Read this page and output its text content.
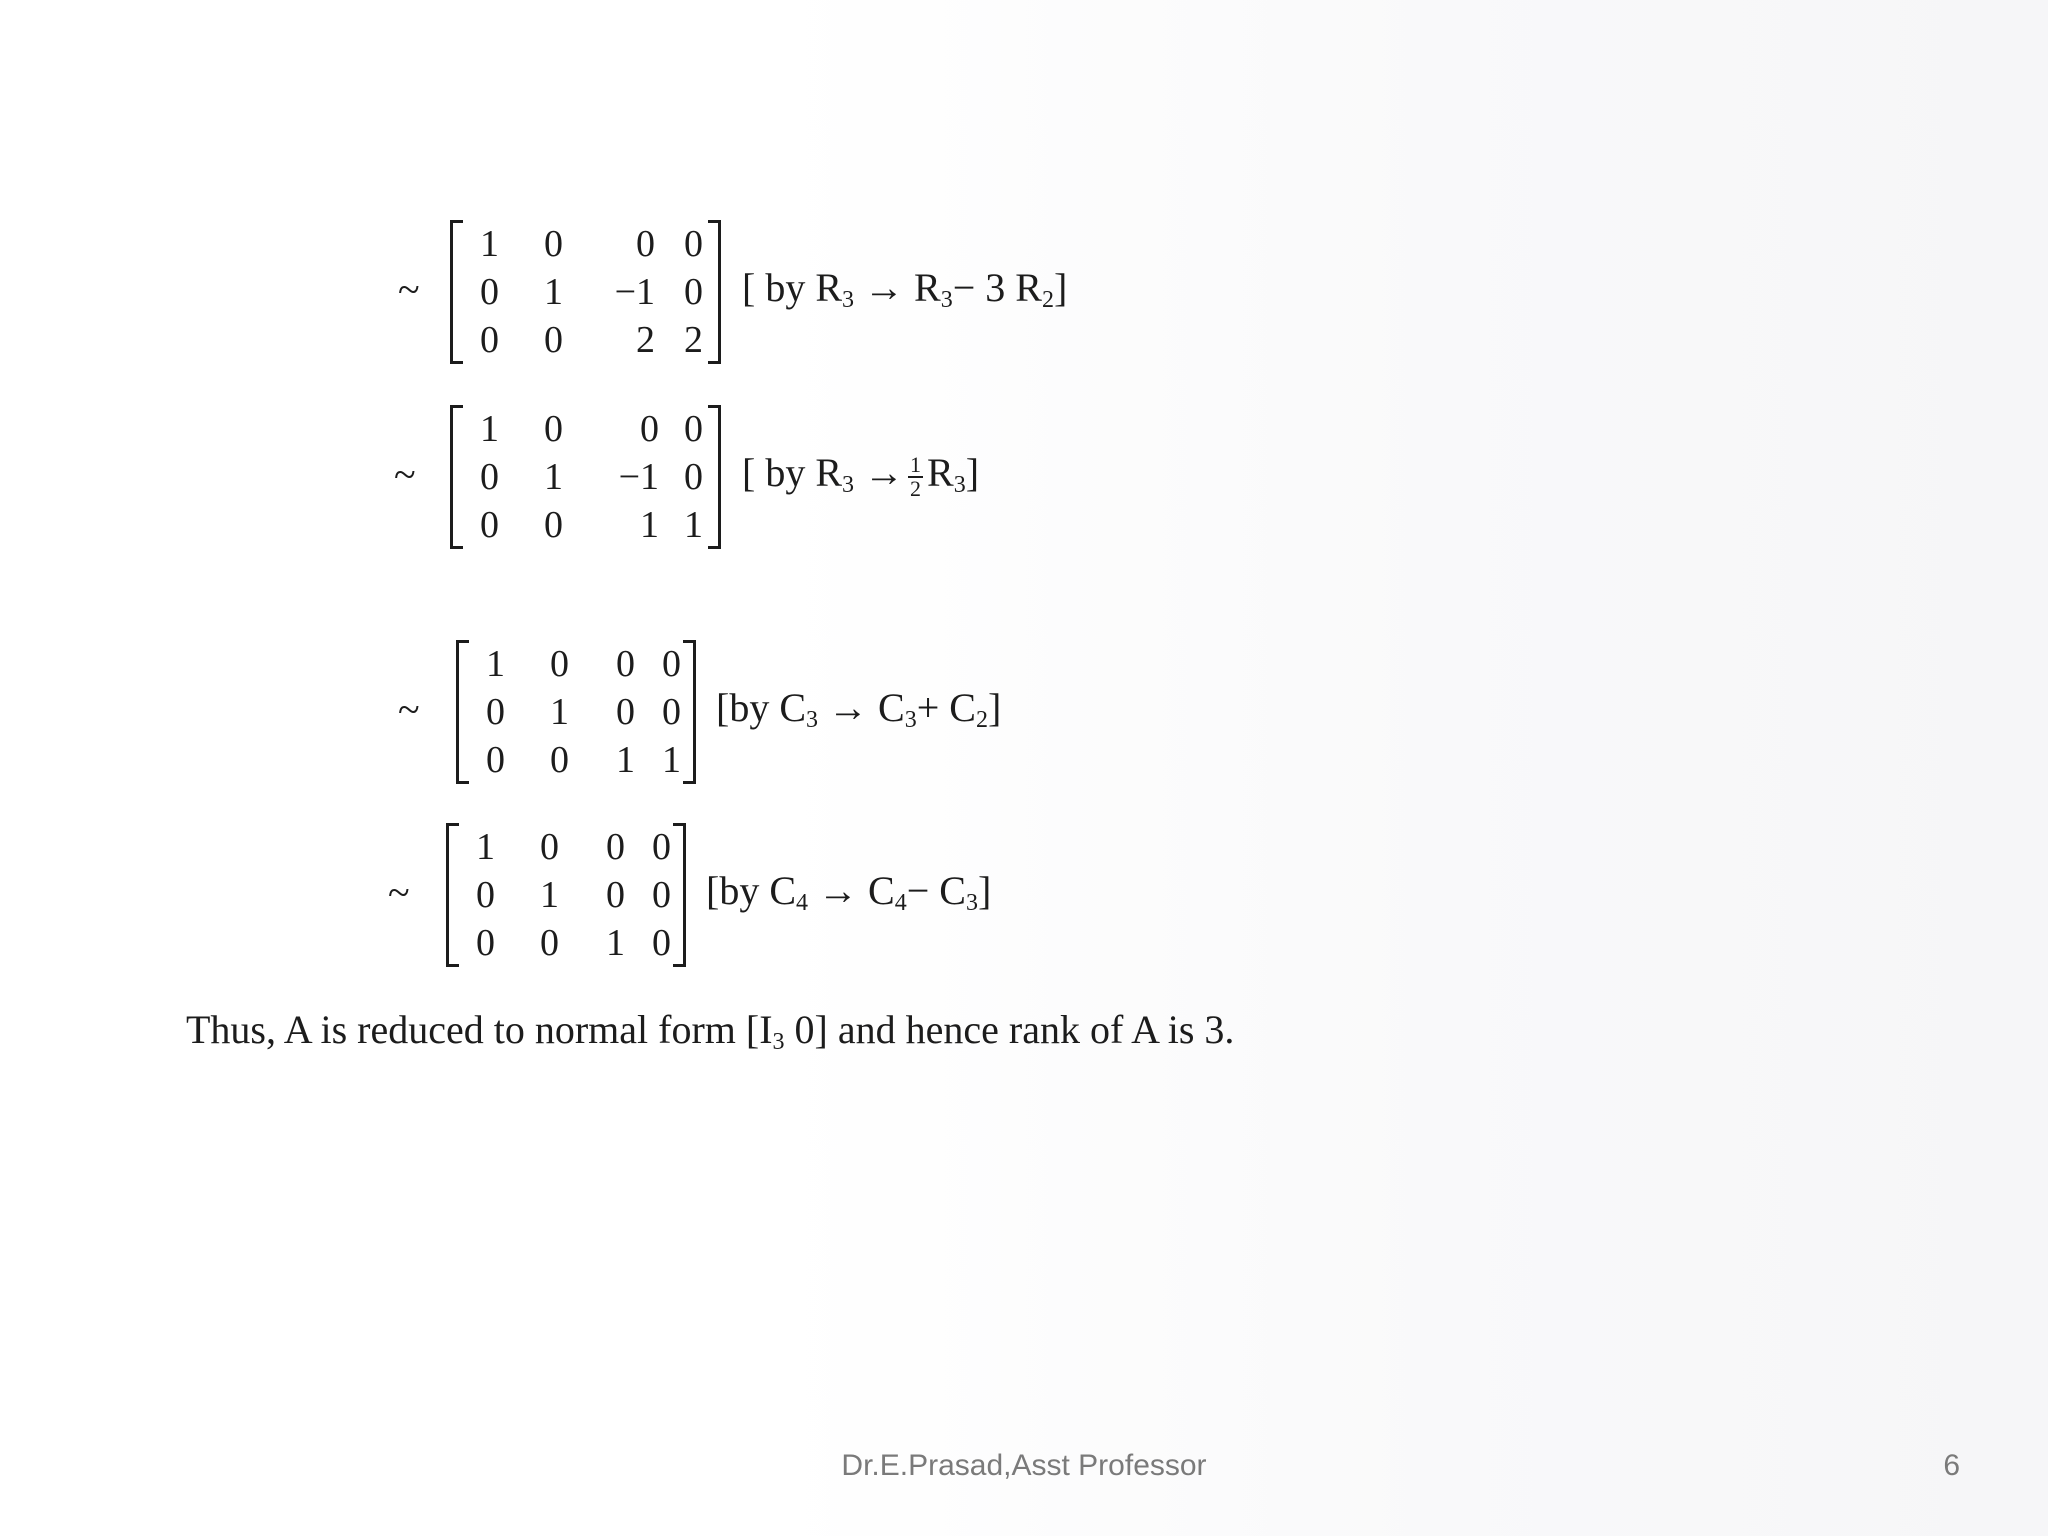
~
1	0	0 0
0	1	−1 0
0	0	2 2
[ by $R_3 \to R_3- 3$ $R_2$]
~
1	0	0 0
0	1	−1 0
0	0	1 1
[ by $R_3 \to \frac{1}{2} R_3$]
~
1	0	0 0
0	1	0 0
0	0	1 1
[by $C_3 \to C_3+ C_2$]
~
1	0	0 0
0	1	0 0
0	0	1 0
[by $C_4 \to C_4- C_3$]
Thus, A is reduced to normal form [$I_3$ 0] and hence rank of A is 3.
Dr.E.Prasad,Asst Professor	6
